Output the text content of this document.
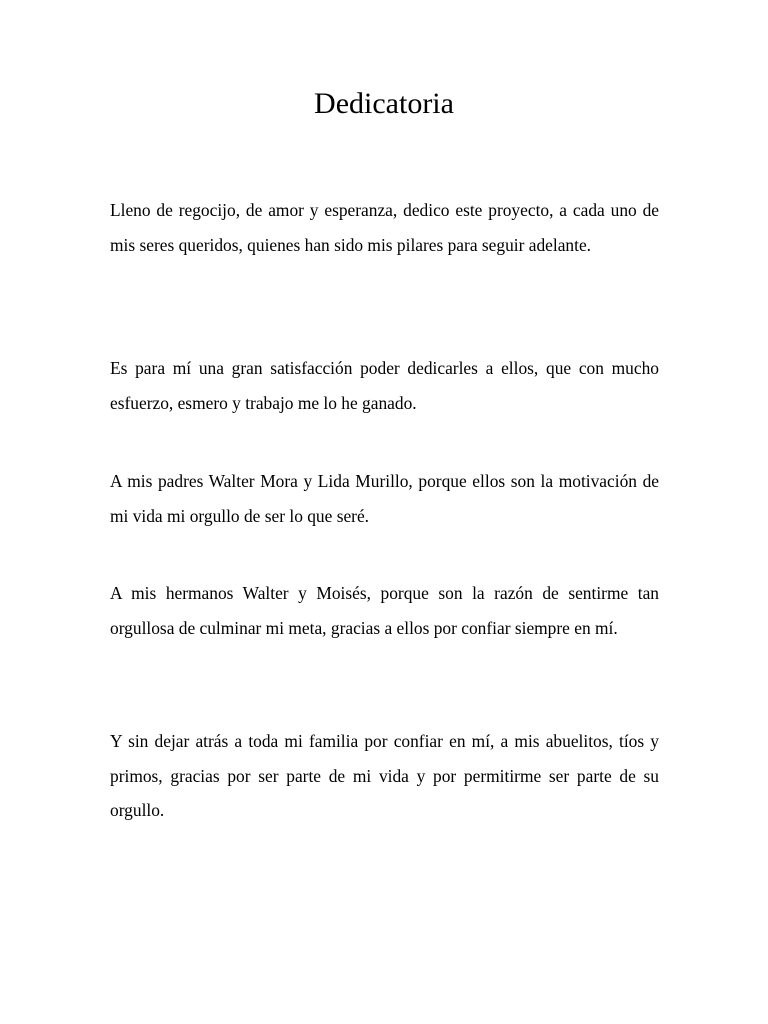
Dedicatoria

Lleno de regocijo, de amor y esperanza, dedico este proyecto, a cada uno de mis seres queridos, quienes han sido mis pilares para seguir adelante.

Es para mí una gran satisfacción poder dedicarles a ellos, que con mucho esfuerzo, esmero y trabajo me lo he ganado.

A mis padres Walter Mora y Lida Murillo, porque ellos son la motivación de mi vida mi orgullo de ser lo que seré.

A mis hermanos Walter y Moisés, porque son la razón de sentirme tan orgullosa de culminar mi meta, gracias a ellos por confiar siempre en mí.

Y sin dejar atrás a toda mi familia por confiar en mí, a mis abuelitos, tíos y primos, gracias por ser parte de mi vida y por permitirme ser parte de su orgullo.
